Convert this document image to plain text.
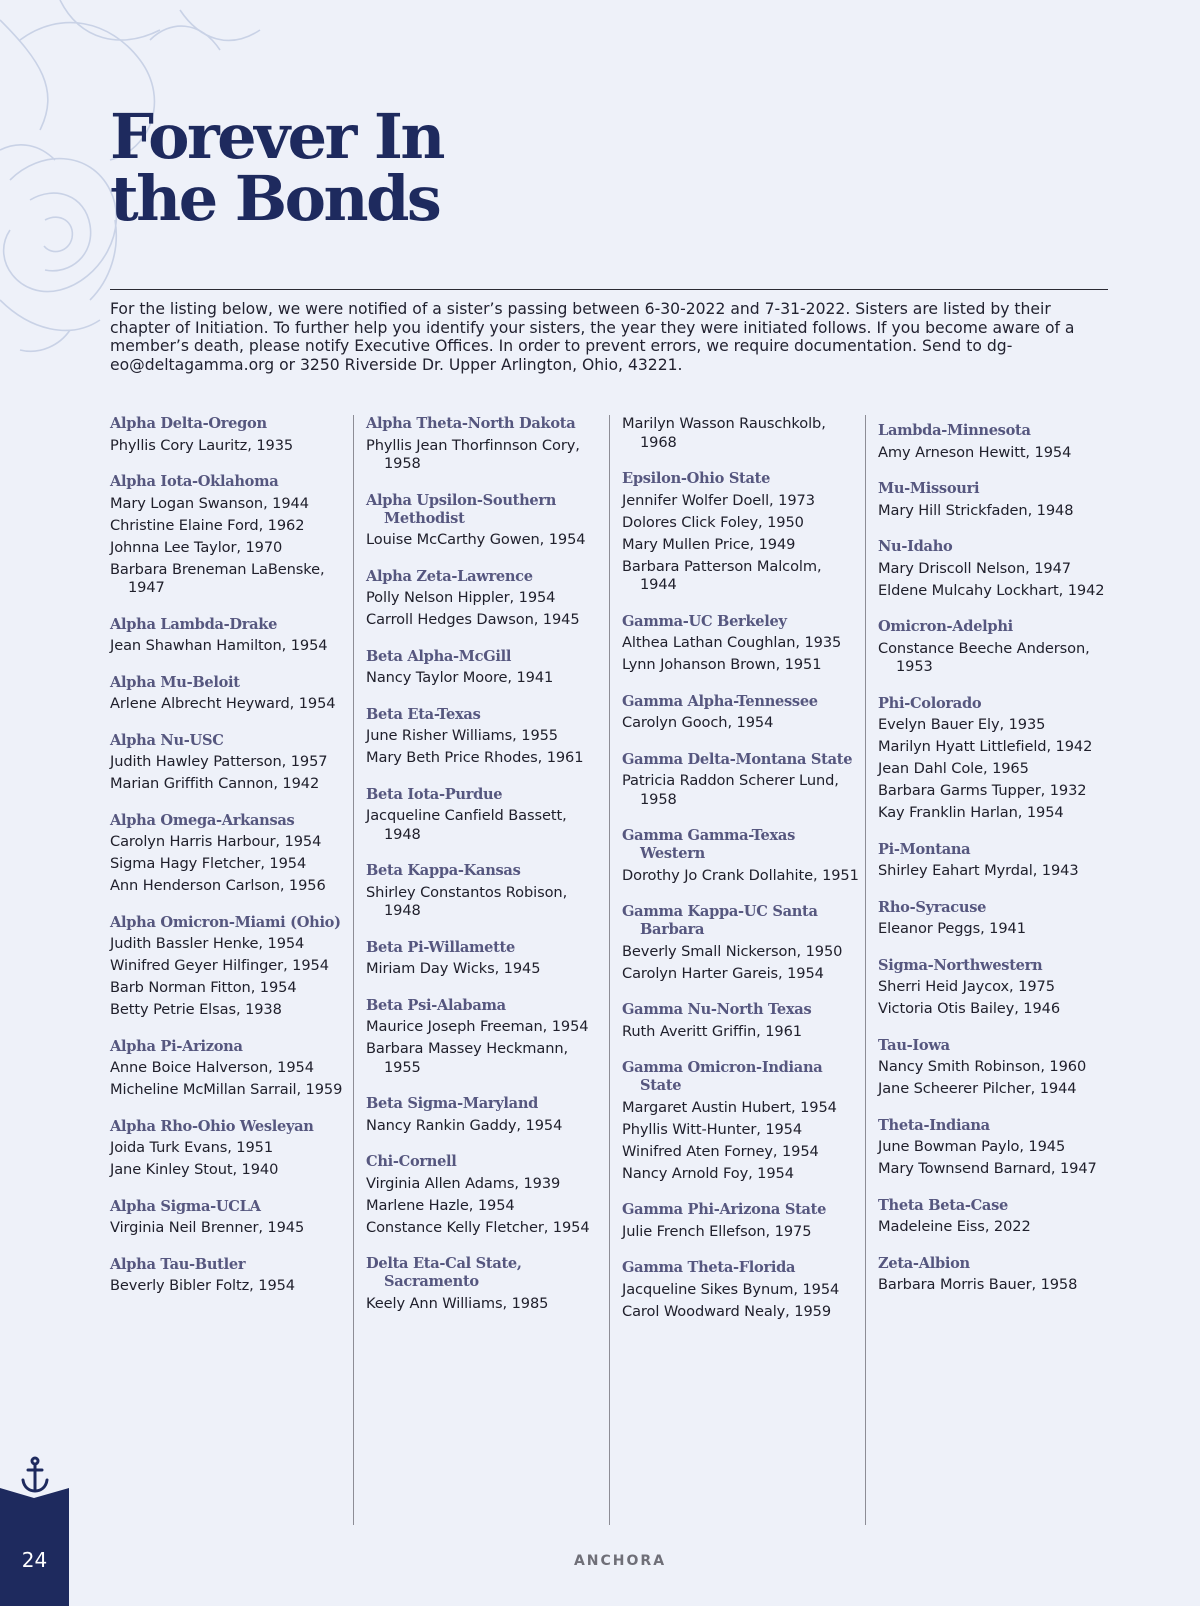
Forever In
the Bonds

For the listing below, we were notified of a sister’s passing between 6-30-2022 and 7-31-2022. Sisters are listed by their chapter of Initiation. To further help you identify your sisters, the year they were initiated follows. If you become aware of a member’s death, please notify Executive Offices. In order to prevent errors, we require documentation. Send to dg-eo@deltagamma.org or 3250 Riverside Dr. Upper Arlington, Ohio, 43221.

Alpha Delta-Oregon
Phyllis Cory Lauritz, 1935
Alpha Iota-Oklahoma
Mary Logan Swanson, 1944
Christine Elaine Ford, 1962
Johnna Lee Taylor, 1970
Barbara Breneman LaBenske, 1947
Alpha Lambda-Drake
Jean Shawhan Hamilton, 1954
Alpha Mu-Beloit
Arlene Albrecht Heyward, 1954
Alpha Nu-USC
Judith Hawley Patterson, 1957
Marian Griffith Cannon, 1942
Alpha Omega-Arkansas
Carolyn Harris Harbour, 1954
Sigma Hagy Fletcher, 1954
Ann Henderson Carlson, 1956
Alpha Omicron-Miami (Ohio)
Judith Bassler Henke, 1954
Winifred Geyer Hilfinger, 1954
Barb Norman Fitton, 1954
Betty Petrie Elsas, 1938
Alpha Pi-Arizona
Anne Boice Halverson, 1954
Micheline McMillan Sarrail, 1959
Alpha Rho-Ohio Wesleyan
Joida Turk Evans, 1951
Jane Kinley Stout, 1940
Alpha Sigma-UCLA
Virginia Neil Brenner, 1945
Alpha Tau-Butler
Beverly Bibler Foltz, 1954
Alpha Theta-North Dakota
Phyllis Jean Thorfinnson Cory, 1958
Alpha Upsilon-Southern Methodist
Louise McCarthy Gowen, 1954
Alpha Zeta-Lawrence
Polly Nelson Hippler, 1954
Carroll Hedges Dawson, 1945
Beta Alpha-McGill
Nancy Taylor Moore, 1941
Beta Eta-Texas
June Risher Williams, 1955
Mary Beth Price Rhodes, 1961
Beta Iota-Purdue
Jacqueline Canfield Bassett, 1948
Beta Kappa-Kansas
Shirley Constantos Robison, 1948
Beta Pi-Willamette
Miriam Day Wicks, 1945
Beta Psi-Alabama
Maurice Joseph Freeman, 1954
Barbara Massey Heckmann, 1955
Beta Sigma-Maryland
Nancy Rankin Gaddy, 1954
Chi-Cornell
Virginia Allen Adams, 1939
Marlene Hazle, 1954
Constance Kelly Fletcher, 1954
Delta Eta-Cal State, Sacramento
Keely Ann Williams, 1985
Marilyn Wasson Rauschkolb, 1968
Epsilon-Ohio State
Jennifer Wolfer Doell, 1973
Dolores Click Foley, 1950
Mary Mullen Price, 1949
Barbara Patterson Malcolm, 1944
Gamma-UC Berkeley
Althea Lathan Coughlan, 1935
Lynn Johanson Brown, 1951
Gamma Alpha-Tennessee
Carolyn Gooch, 1954
Gamma Delta-Montana State
Patricia Raddon Scherer Lund, 1958
Gamma Gamma-Texas Western
Dorothy Jo Crank Dollahite, 1951
Gamma Kappa-UC Santa Barbara
Beverly Small Nickerson, 1950
Carolyn Harter Gareis, 1954
Gamma Nu-North Texas
Ruth Averitt Griffin, 1961
Gamma Omicron-Indiana State
Margaret Austin Hubert, 1954
Phyllis Witt-Hunter, 1954
Winifred Aten Forney, 1954
Nancy Arnold Foy, 1954
Gamma Phi-Arizona State
Julie French Ellefson, 1975
Gamma Theta-Florida
Jacqueline Sikes Bynum, 1954
Carol Woodward Nealy, 1959
Lambda-Minnesota
Amy Arneson Hewitt, 1954
Mu-Missouri
Mary Hill Strickfaden, 1948
Nu-Idaho
Mary Driscoll Nelson, 1947
Eldene Mulcahy Lockhart, 1942
Omicron-Adelphi
Constance Beeche Anderson, 1953
Phi-Colorado
Evelyn Bauer Ely, 1935
Marilyn Hyatt Littlefield, 1942
Jean Dahl Cole, 1965
Barbara Garms Tupper, 1932
Kay Franklin Harlan, 1954
Pi-Montana
Shirley Eahart Myrdal, 1943
Rho-Syracuse
Eleanor Peggs, 1941
Sigma-Northwestern
Sherri Heid Jaycox, 1975
Victoria Otis Bailey, 1946
Tau-Iowa
Nancy Smith Robinson, 1960
Jane Scheerer Pilcher, 1944
Theta-Indiana
June Bowman Paylo, 1945
Mary Townsend Barnard, 1947
Theta Beta-Case
Madeleine Eiss, 2022
Zeta-Albion
Barbara Morris Bauer, 1958
24	ANCHORA
